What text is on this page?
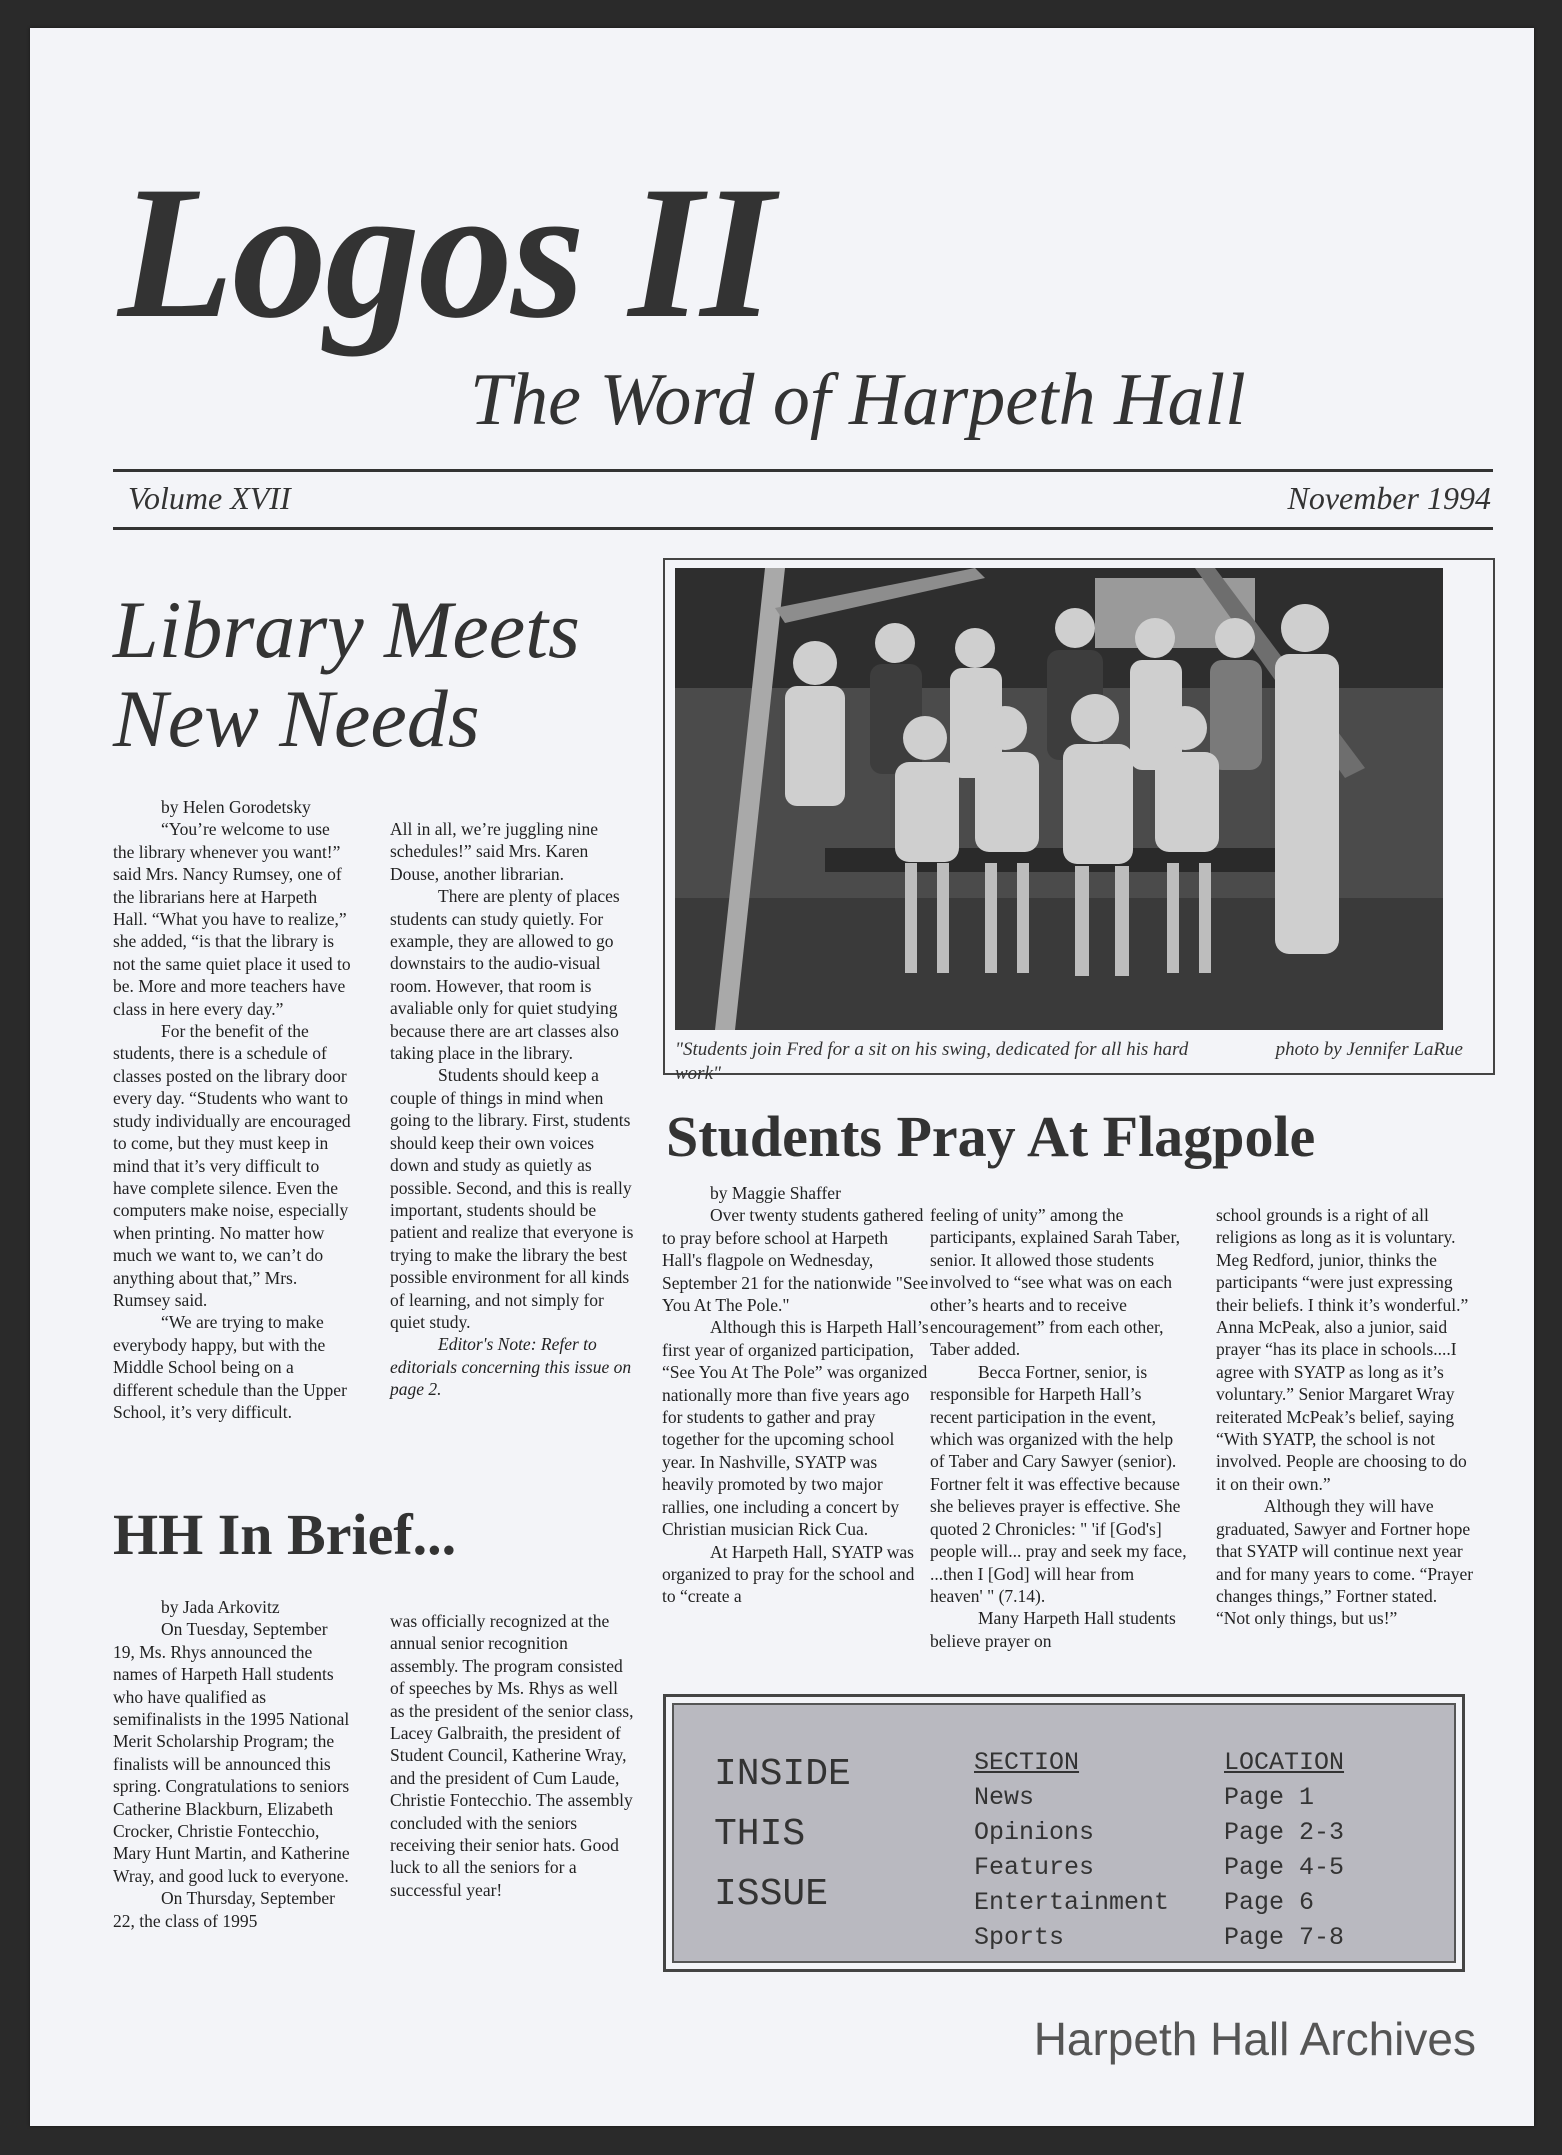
Logos II
The Word of Harpeth Hall
Volume XVII	November 1994
Library Meets
New Needs

by Helen Gorodetsky

“You’re welcome to use the library whenever you want!” said Mrs. Nancy Rumsey, one of the librarians here at Harpeth Hall. “What you have to realize,” she added, “is that the library is not the same quiet place it used to be. More and more teachers have class in here every day.”

For the benefit of the students, there is a schedule of classes posted on the library door every day. “Students who want to study individually are encouraged to come, but they must keep in mind that it’s very difficult to have complete silence. Even the computers make noise, especially when printing. No matter how much we want to, we can’t do anything about that,” Mrs. Rumsey said.

“We are trying to make everybody happy, but with the Middle School being on a different schedule than the Upper School, it’s very difficult.

All in all, we’re juggling nine schedules!” said Mrs. Karen Douse, another librarian.

There are plenty of places students can study quietly. For example, they are allowed to go downstairs to the audio-visual room. However, that room is avaliable only for quiet studying because there are art classes also taking place in the library.

Students should keep a couple of things in mind when going to the library. First, students should keep their own voices down and study as quietly as possible. Second, and this is really important, students should be patient and realize that everyone is trying to make the library the best possible environment for all kinds of learning, and not simply for quiet study.

Editor's Note: Refer to editorials concerning this issue on page 2.

HH In Brief...

by Jada Arkovitz

On Tuesday, September 19, Ms. Rhys announced the names of Harpeth Hall students who have qualified as semifinalists in the 1995 National Merit Scholarship Program; the finalists will be announced this spring. Congratulations to seniors Catherine Blackburn, Elizabeth Crocker, Christie Fontecchio, Mary Hunt Martin, and Katherine Wray, and good luck to everyone.

On Thursday, September 22, the class of 1995

was officially recognized at the annual senior recognition assembly. The program consisted of speeches by Ms. Rhys as well as the president of the senior class, Lacey Galbraith, the president of Student Council, Katherine Wray, and the president of Cum Laude, Christie Fontecchio. The assembly concluded with the seniors receiving their senior hats. Good luck to all the seniors for a successful year!

"Students join Fred for a sit on his swing, dedicated for all his hard work"
photo by Jennifer LaRue
Students Pray At Flagpole

by Maggie Shaffer

Over twenty students gathered to pray before school at Harpeth Hall's flagpole on Wednesday, September 21 for the nationwide "See You At The Pole."

Although this is Harpeth Hall’s first year of organized participation, “See You At The Pole” was organized nationally more than five years ago for students to gather and pray together for the upcoming school year. In Nashville, SYATP was heavily promoted by two major rallies, one including a concert by Christian musician Rick Cua.

At Harpeth Hall, SYATP was organized to pray for the school and to “create a

feeling of unity” among the participants, explained Sarah Taber, senior. It allowed those students involved to “see what was on each other’s hearts and to receive encouragement” from each other, Taber added.

Becca Fortner, senior, is responsible for Harpeth Hall’s recent participation in the event, which was organized with the help of Taber and Cary Sawyer (senior). Fortner felt it was effective because she believes prayer is effective. She quoted 2 Chronicles: " 'if [God's] people will... pray and seek my face, ...then I [God] will hear from heaven' " (7.14).

Many Harpeth Hall students believe prayer on

school grounds is a right of all religions as long as it is voluntary. Meg Redford, junior, thinks the participants “were just expressing their beliefs. I think it’s wonderful.” Anna McPeak, also a junior, said prayer “has its place in schools....I agree with SYATP as long as it’s voluntary.” Senior Margaret Wray reiterated McPeak’s belief, saying “With SYATP, the school is not involved. People are choosing to do it on their own.”

Although they will have graduated, Sawyer and Fortner hope that SYATP will continue next year and for many years to come. “Prayer changes things,” Fortner stated. “Not only things, but us!”

INSIDE
THIS
ISSUE
SECTION
News
Opinions
Features
Entertainment
Sports
LOCATION
Page 1
Page 2-3
Page 4-5
Page 6
Page 7-8
Harpeth Hall Archives
